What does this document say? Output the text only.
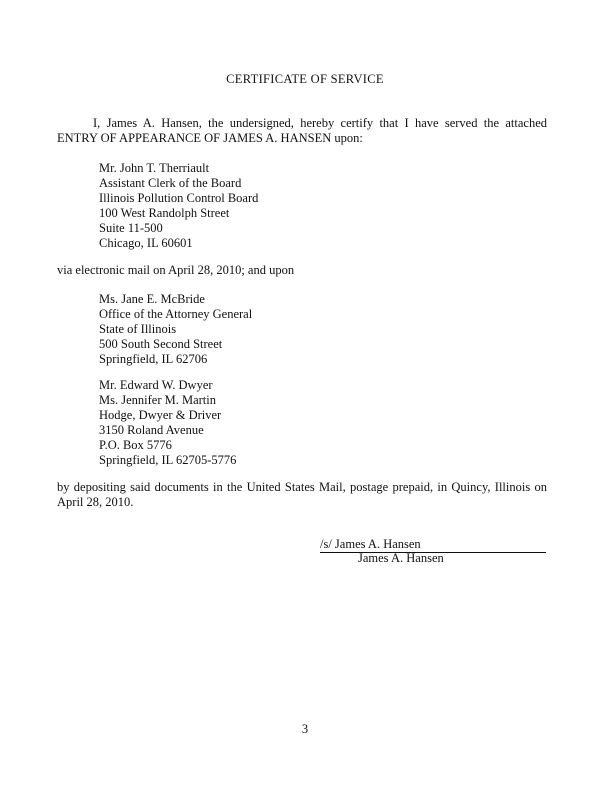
CERTIFICATE OF SERVICE
I, James A. Hansen, the undersigned, hereby certify that I have served the attached ENTRY OF APPEARANCE OF JAMES A. HANSEN upon:
Mr. John T. Therriault
Assistant Clerk of the Board
Illinois Pollution Control Board
100 West Randolph Street
Suite 11-500
Chicago, IL 60601
via electronic mail on April 28, 2010; and upon
Ms. Jane E. McBride
Office of the Attorney General
State of Illinois
500 South Second Street
Springfield, IL 62706
Mr. Edward W. Dwyer
Ms. Jennifer M. Martin
Hodge, Dwyer & Driver
3150 Roland Avenue
P.O. Box 5776
Springfield, IL 62705-5776
by depositing said documents in the United States Mail, postage prepaid, in Quincy, Illinois on April 28, 2010.
/s/ James A. Hansen
James A. Hansen
3
